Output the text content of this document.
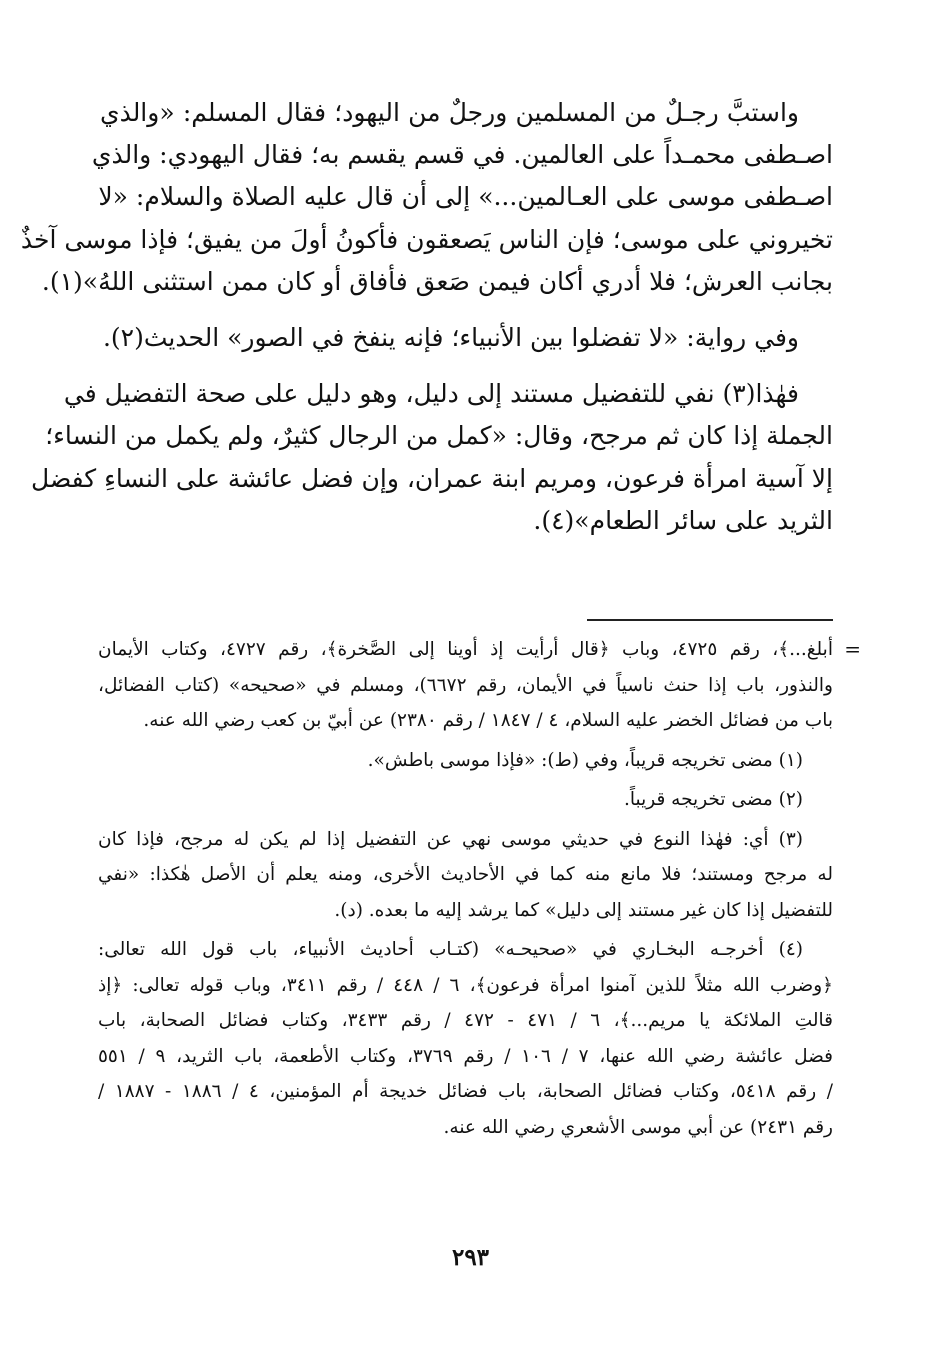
واستبَّ رجـلٌ من المسلمين ورجلٌ من اليهود؛ فقال المسلم: «والذي
اصـطفى محمـداً على العالمين. في قسم يقسم به؛ فقال اليهودي: والذي
اصـطفى موسى على العـالمين...» إلى أن قال عليه الصلاة والسلام: «لا
تخيروني على موسى؛ فإن الناس يَصعقون فأكونُ أولَ من يفيق؛ فإذا موسى آخذٌ
بجانب العرش؛ فلا أدري أكان فيمن صَعق فأفاق أو كان ممن استثنى اللهُ»(١).

وفي رواية: «لا تفضلوا بين الأنبياء؛ فإنه ينفخ في الصور» الحديث(٢).

فهٰذا(٣) نفي للتفضيل مستند إلى دليل، وهو دليل على صحة التفضيل في
الجملة إذا كان ثم مرجح، وقال: «كمل من الرجال كثيرٌ، ولم يكمل من النساء؛
إلا آسية امرأة فرعون، ومريم ابنة عمران، وإن فضل عائشة على النساءِ كفضل
الثريد على سائر الطعام»(٤).

=
أبلغ...﴾، رقم ٤٧٢٥، وباب ﴿قال أرأيت إذ أوينا إلى الصَّخرة﴾، رقم ٤٧٢٧، وكتاب الأيمان
والنذور، باب إذا حنث ناسياً في الأيمان، رقم ٦٦٧٢)، ومسلم في «صحيحه» (كتاب الفضائل،
باب من فضائل الخضر عليه السلام، ٤ / ١٨٤٧ / رقم ٢٣٨٠) عن أبيّ بن كعب رضي الله عنه.
(١) مضى تخريجه قريباً، وفي (ط): «فإذا موسى باطش».
(٢) مضى تخريجه قريباً.
(٣) أي: فهٰذا النوع في حديثي موسى نهي عن التفضيل إذا لم يكن له مرجح، فإذا كان
له مرجح ومستند؛ فلا مانع منه كما في الأحاديث الأخرى، ومنه يعلم أن الأصل هٰكذا: «نفي
للتفضيل إذا كان غير مستند إلى دليل» كما يرشد إليه ما بعده. (د).
(٤) أخرجـه البخـاري في «صحيحـه» (كتـاب أحاديث الأنبياء، باب قول الله تعالى:
﴿وضرب الله مثلاً للذين آمنوا امرأة فرعون﴾، ٦ / ٤٤٨ / رقم ٣٤١١، وباب قوله تعالى: ﴿إذ
قالتِ الملائكة يا مريم...﴾، ٦ / ٤٧١ - ٤٧٢ / رقم ٣٤٣٣، وكتاب فضائل الصحابة، باب
فضل عائشة رضي الله عنها، ٧ / ١٠٦ / رقم ٣٧٦٩، وكتاب الأطعمة، باب الثريد، ٩ / ٥٥١
/ رقم ٥٤١٨، وكتاب فضائل الصحابة، باب فضائل خديجة أم المؤمنين، ٤ / ١٨٨٦ - ١٨٨٧ /
رقم ٢٤٣١) عن أبي موسى الأشعري رضي الله عنه.
٢٩٣
